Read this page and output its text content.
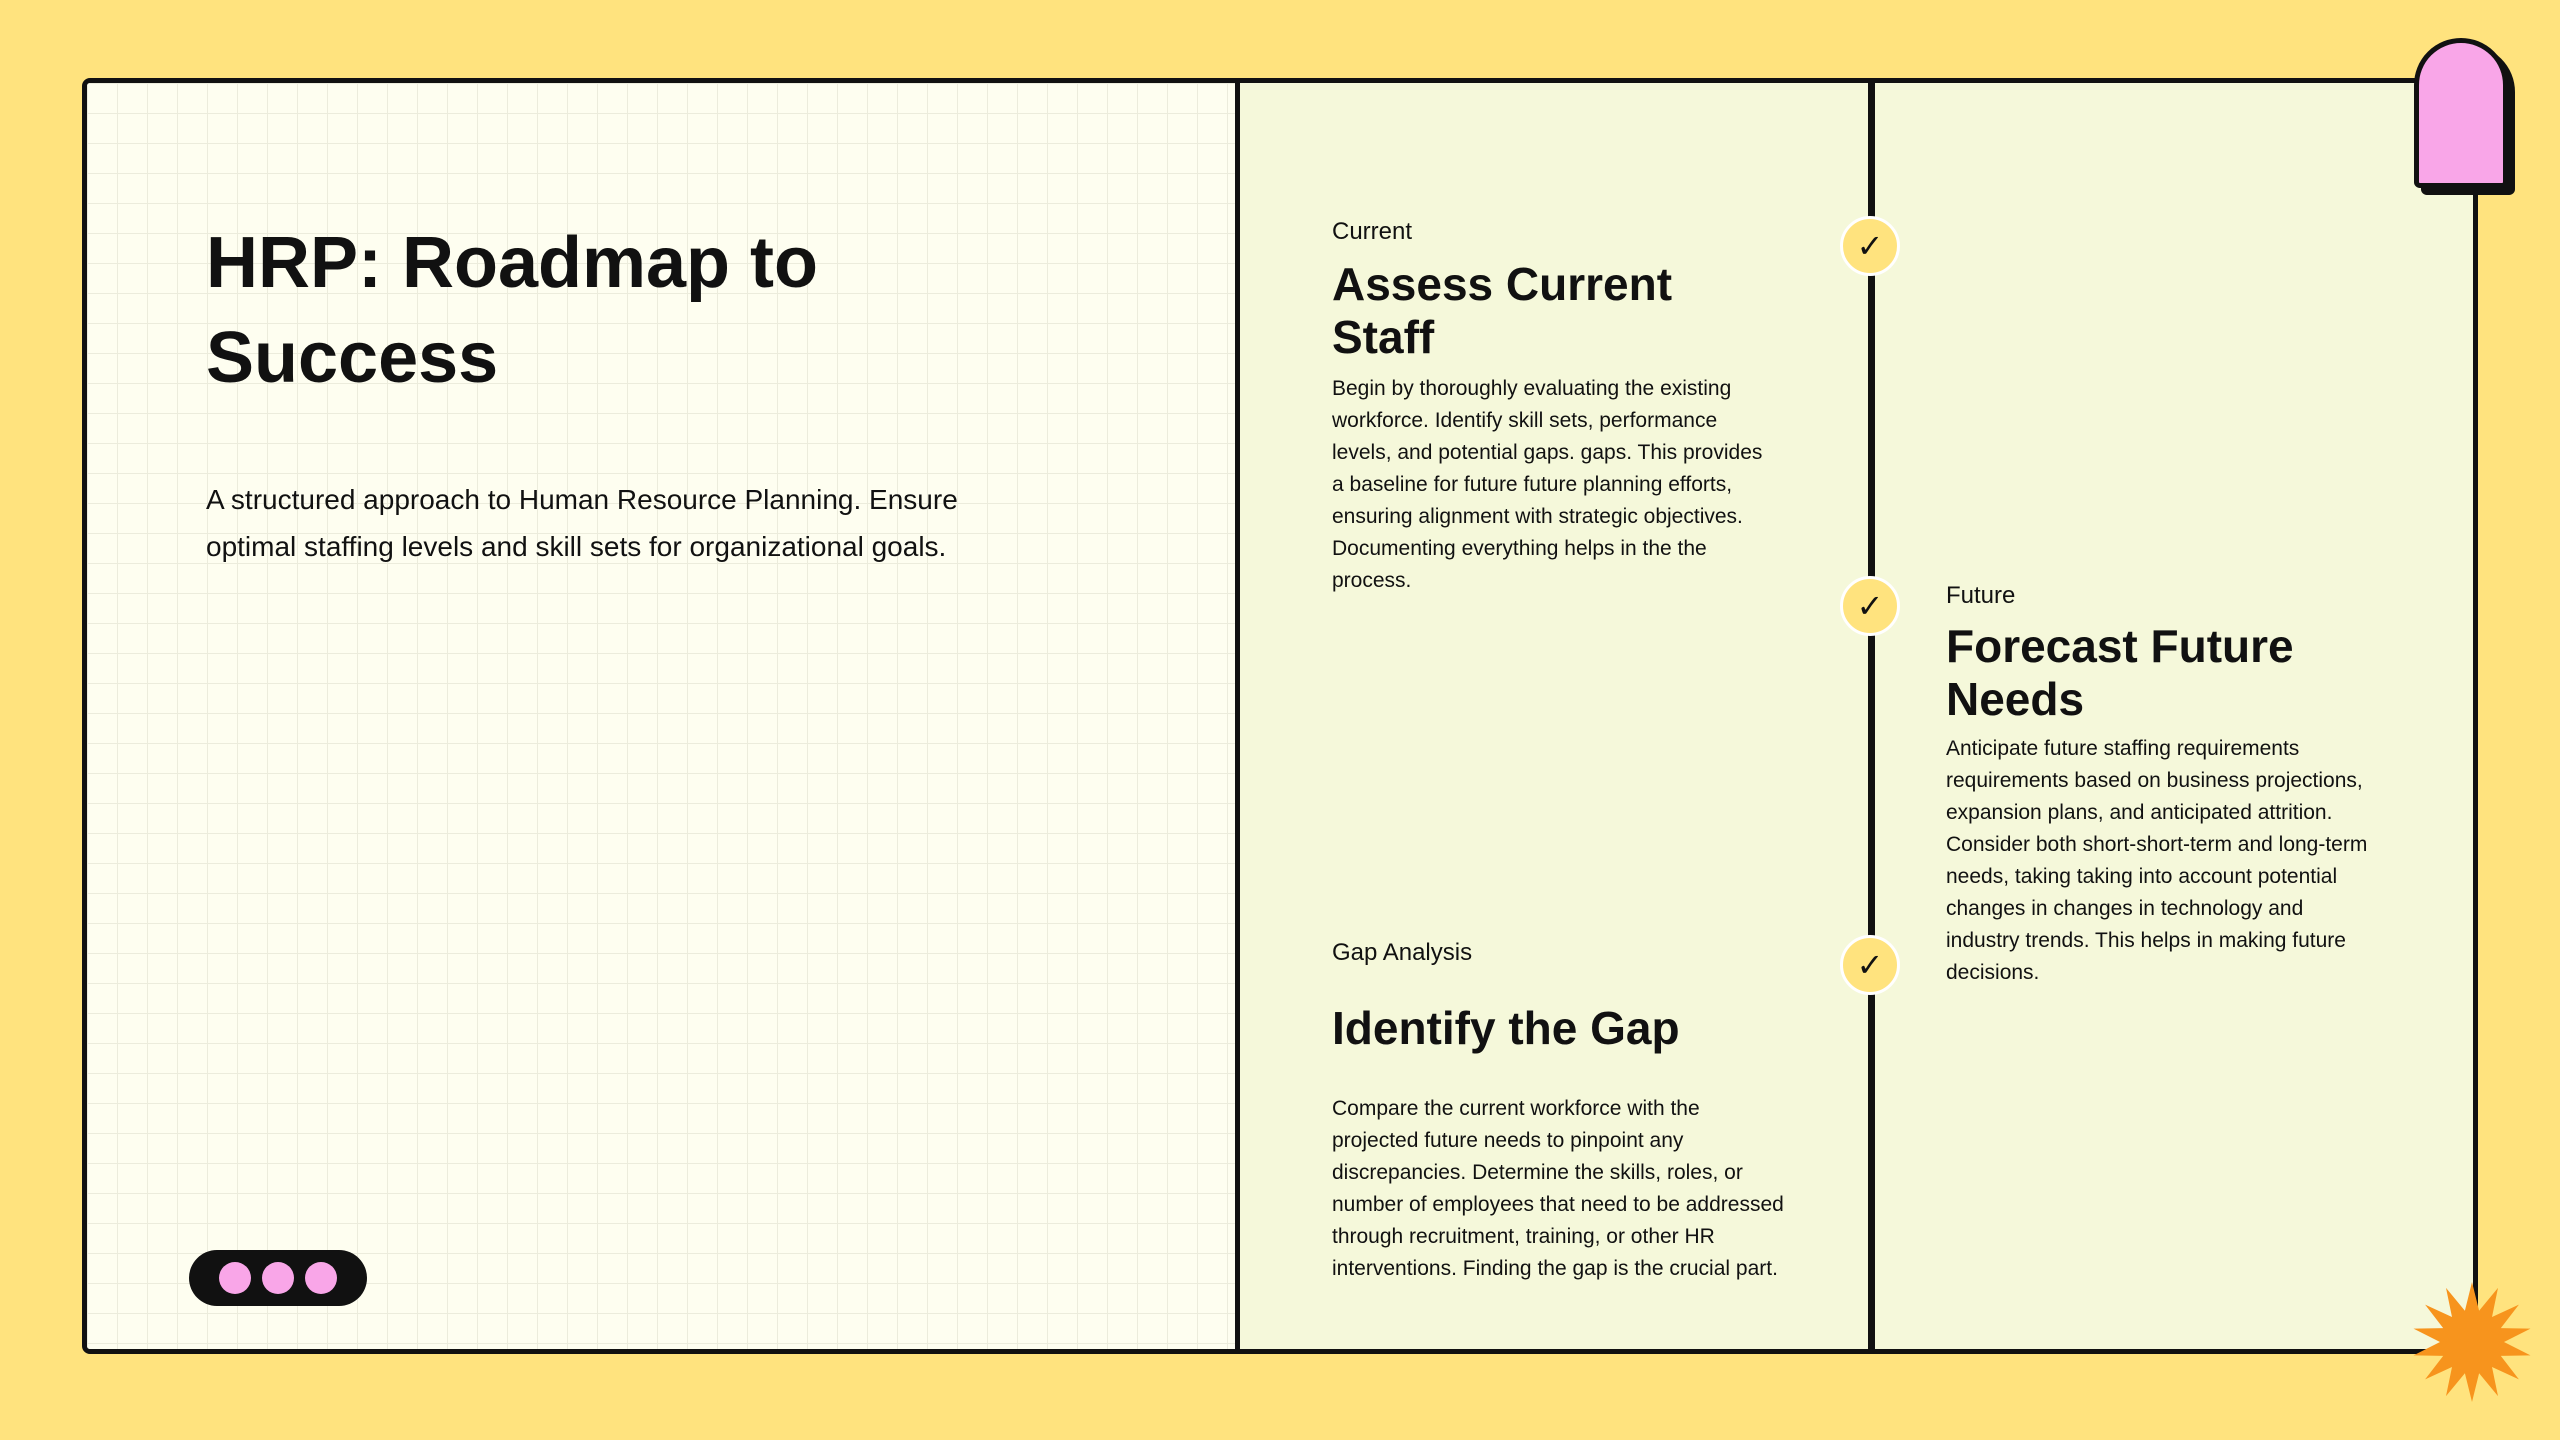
HRP: Roadmap to Success

A structured approach to Human Resource Planning. Ensure optimal staffing levels and skill sets for organizational goals.

✓

Current

Assess Current Staff

Begin by thoroughly evaluating the existing workforce. Identify skill sets, performance levels, and potential gaps. gaps. This provides a baseline for future future planning efforts, ensuring alignment with strategic objectives. Documenting everything helps in the the process.

✓	Future

Forecast Future Needs

Anticipate future staffing requirements requirements based on business projections, expansion plans, and anticipated attrition. Consider both short-short-term and long-term needs, taking taking into account potential changes in changes in technology and industry trends. This helps in making future decisions.

✓

Gap Analysis

Identify the Gap

Compare the current workforce with the projected future needs to pinpoint any discrepancies. Determine the skills, roles, or number of employees that need to be addressed through recruitment, training, or other HR interventions. Finding the gap is the crucial part.
